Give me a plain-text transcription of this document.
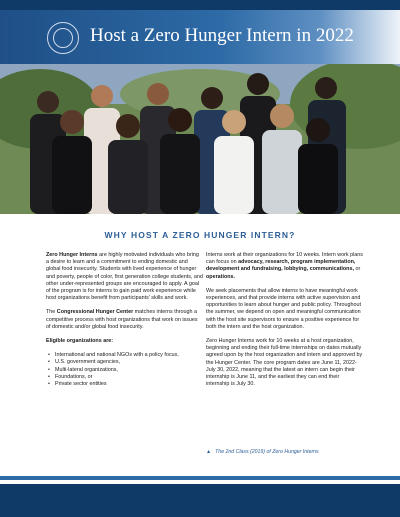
Host a Zero Hunger Intern in 2022
WHY HOST A ZERO HUNGER INTERN?

Zero Hunger Interns are highly motivated individuals who bring a desire to learn and a commitment to ending domestic and global food insecurity. Students with lived experience of hunger and poverty, people of color, first generation college students, and other under-represented groups are encouraged to apply. A goal of the program is for interns to gain paid work experience while host organizations benefit from participants' skills and work.

The Congressional Hunger Center matches interns through a competitive process with host organizations that work on issues of domestic and/or global food insecurity.

Eligible organizations are:

• International and national NGOs with a policy focus,
• U.S. government agencies,
• Multi-lateral organizations,
• Foundations, or
• Private sector entities

Interns work at their organizations for 10 weeks. Intern work plans can focus on advocacy, research, program implementation, development and fundraising, lobbying, communications, or operations.

We seek placements that allow interns to have meaningful work experiences, and that provide interns with active supervision and opportunities to learn about hunger and public policy. Throughout the summer, we depend on open and meaningful communication with the host site supervisors to ensure a positive experience for both the intern and the host organization.

Zero Hunger Interns work for 10 weeks at a host organization, beginning and ending their full-time internships on dates mutually agreed upon by the host organization and intern and approved by the Hunger Center. The core program dates are June 11, 2022-July 30, 2022, meaning that the latest an intern can begin their internship is June 11, and the earliest they can end their internship is July 30.

▲ The 2nd Class (2019) of Zero Hunger Interns
